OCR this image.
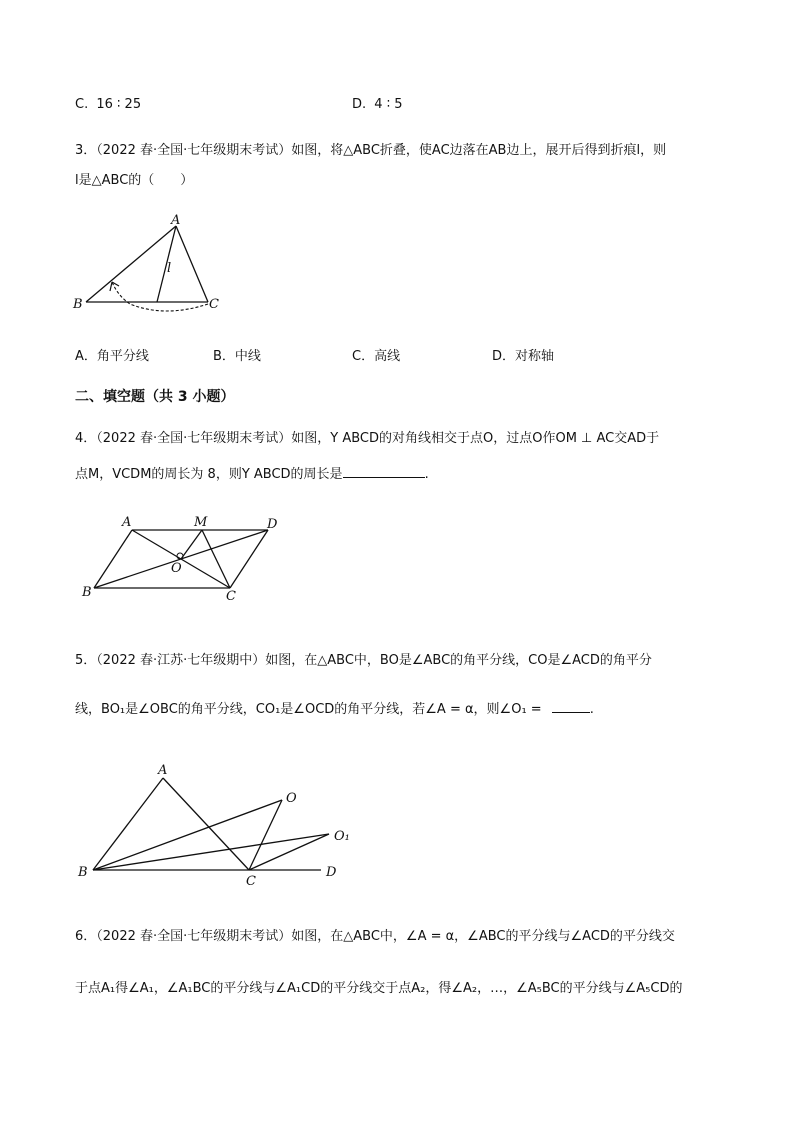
C. 16 ∶ 25	D. 4 ∶ 5
3．（2022 春·全国·七年级期末考试）如图，将△ABC折叠，使AC边落在AB边上，展开后得到折痕l，则
l是△ABC的（　　）
A
B	C
l
A．角平分线	B．中线	C．高线	D．对称轴
二、填空题（共 3 小题）
4．（2022 春·全国·七年级期末考试）如图，Y ABCD的对角线相交于点O，过点O作OM ⊥ AC交AD于
点M，VCDM的周长为 8，则Y ABCD的周长是	.
A	M	D
O
B	C
5．（2022 春·江苏·七年级期中）如图，在△ABC中，BO是∠ABC的角平分线，CO是∠ACD的角平分
线，BO₁是∠OBC的角平分线，CO₁是∠OCD的角平分线，若∠A = α，则∠O₁ =	.
A
O
O₁
B
C
D
6．（2022 春·全国·七年级期末考试）如图，在△ABC中，∠A = α，∠ABC的平分线与∠ACD的平分线交
于点A₁得∠A₁，∠A₁BC的平分线与∠A₁CD的平分线交于点A₂，得∠A₂，…，∠A₅BC的平分线与∠A₅CD的
